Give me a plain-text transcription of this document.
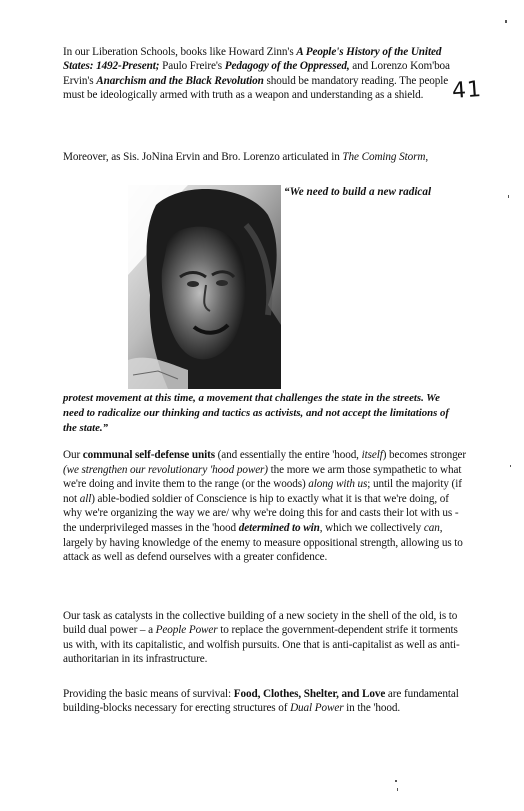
In our Liberation Schools, books like Howard Zinn's A People's History of the United States: 1492-Present; Paulo Freire's Pedagogy of the Oppressed, and Lorenzo Kom'boa Ervin's Anarchism and the Black Revolution should be mandatory reading. The people must be ideologically armed with truth as a weapon and understanding as a shield.	41

Moreover, as Sis. JoNina Ervin and Bro. Lorenzo articulated in The Coming Storm,

“We need to build a new radical

protest movement at this time, a movement that challenges the state in the streets. We need to radicalize our thinking and tactics as activists, and not accept the limitations of the state.”

Our communal self-defense units (and essentially the entire 'hood, itself) becomes stronger (we strengthen our revolutionary 'hood power) the more we arm those sympathetic to what we're doing and invite them to the range (or the woods) along with us; until the majority (if not all) able-bodied soldier of Conscience is hip to exactly what it is that we're doing, of why we're organizing the way we are/ why we're doing this for and casts their lot with us - the underprivileged masses in the 'hood determined to win, which we collectively can, largely by having knowledge of the enemy to measure oppositional strength, allowing us to attack as well as defend ourselves with a greater confidence.

Our task as catalysts in the collective building of a new society in the shell of the old, is to build dual power – a People Power to replace the government-dependent strife it torments us with, with its capitalistic, and wolfish pursuits. One that is anti-capitalist as well as anti-authoritarian in its infrastructure.

Providing the basic means of survival: Food, Clothes, Shelter, and Love are fundamental building-blocks necessary for erecting structures of Dual Power in the 'hood.
